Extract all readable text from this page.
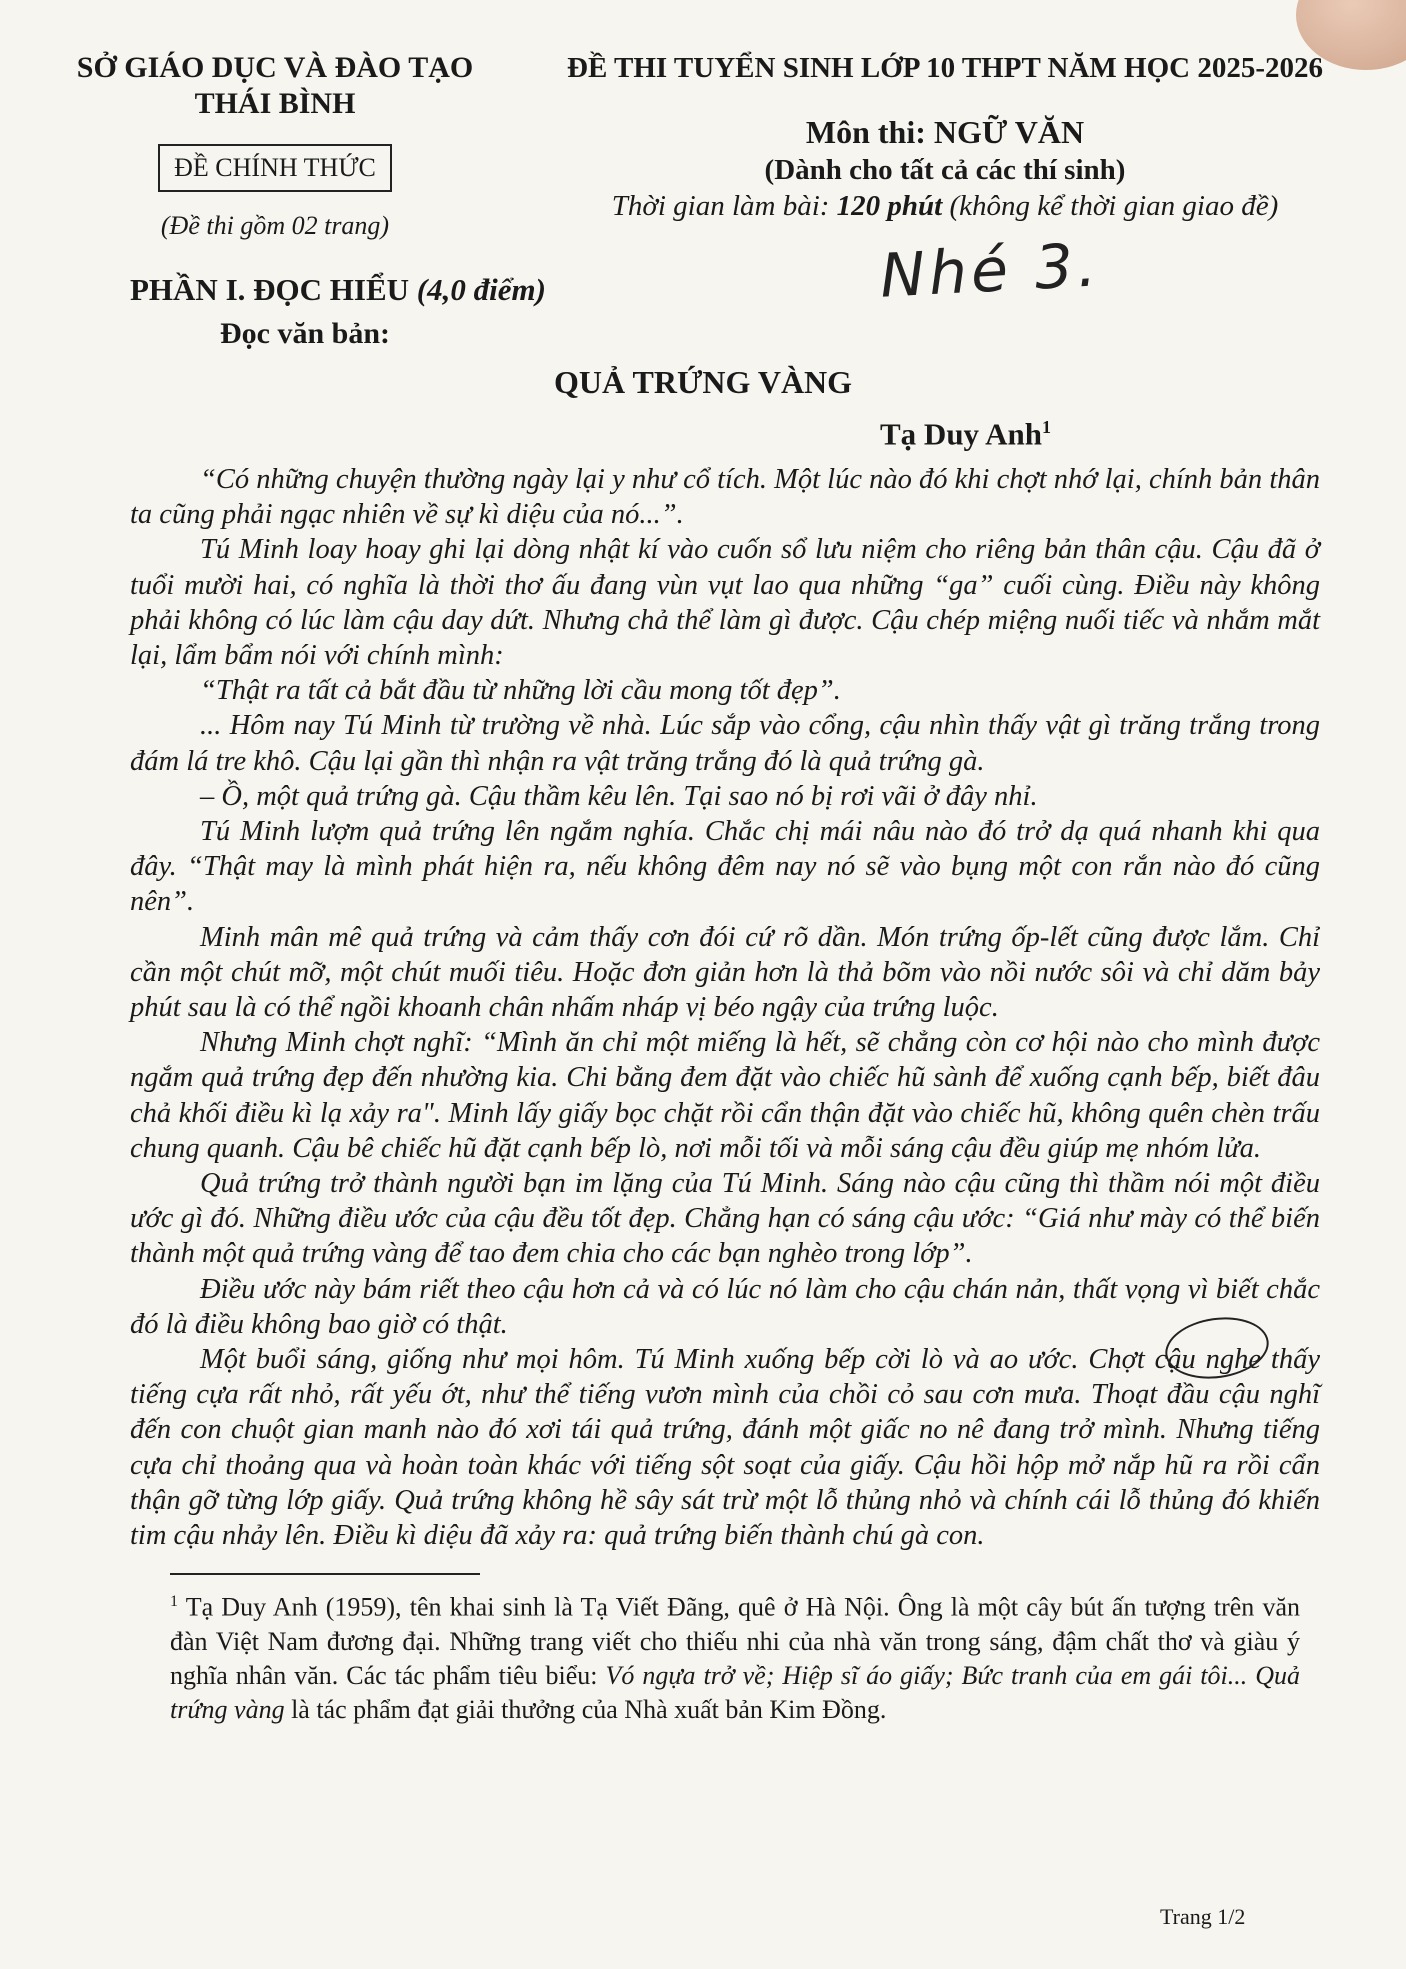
SỞ GIÁO DỤC VÀ ĐÀO TẠO
THÁI BÌNH
ĐỀ CHÍNH THỨC
(Đề thi gồm 02 trang)
ĐỀ THI TUYỂN SINH LỚP 10 THPT NĂM HỌC 2025-2026
Môn thi: NGỮ VĂN
(Dành cho tất cả các thí sinh)
Thời gian làm bài: 120 phút (không kể thời gian giao đề)
Nhé 3.
PHẦN I. ĐỌC HIỂU (4,0 điểm)
Đọc văn bản:
QUẢ TRỨNG VÀNG
Tạ Duy Anh$^1$

“Có những chuyện thường ngày lại y như cổ tích. Một lúc nào đó khi chợt nhớ lại, chính bản thân ta cũng phải ngạc nhiên về sự kì diệu của nó...”.

Tú Minh loay hoay ghi lại dòng nhật kí vào cuốn sổ lưu niệm cho riêng bản thân cậu. Cậu đã ở tuổi mười hai, có nghĩa là thời thơ ấu đang vùn vụt lao qua những “ga” cuối cùng. Điều này không phải không có lúc làm cậu day dứt. Nhưng chả thể làm gì được. Cậu chép miệng nuối tiếc và nhắm mắt lại, lẩm bẩm nói với chính mình:

“Thật ra tất cả bắt đầu từ những lời cầu mong tốt đẹp”.

... Hôm nay Tú Minh từ trường về nhà. Lúc sắp vào cổng, cậu nhìn thấy vật gì trăng trắng trong đám lá tre khô. Cậu lại gần thì nhận ra vật trăng trắng đó là quả trứng gà.

– Ồ, một quả trứng gà. Cậu thầm kêu lên. Tại sao nó bị rơi vãi ở đây nhỉ.

Tú Minh lượm quả trứng lên ngắm nghía. Chắc chị mái nâu nào đó trở dạ quá nhanh khi qua đây. “Thật may là mình phát hiện ra, nếu không đêm nay nó sẽ vào bụng một con rắn nào đó cũng nên”.

Minh mân mê quả trứng và cảm thấy cơn đói cứ rõ dần. Món trứng ốp-lết cũng được lắm. Chỉ cần một chút mỡ, một chút muối tiêu. Hoặc đơn giản hơn là thả bõm vào nồi nước sôi và chỉ dăm bảy phút sau là có thể ngồi khoanh chân nhấm nháp vị béo ngậy của trứng luộc.

Nhưng Minh chợt nghĩ: “Mình ăn chỉ một miếng là hết, sẽ chẳng còn cơ hội nào cho mình được ngắm quả trứng đẹp đến nhường kia. Chi bằng đem đặt vào chiếc hũ sành để xuống cạnh bếp, biết đâu chả khối điều kì lạ xảy ra". Minh lấy giấy bọc chặt rồi cẩn thận đặt vào chiếc hũ, không quên chèn trấu chung quanh. Cậu bê chiếc hũ đặt cạnh bếp lò, nơi mỗi tối và mỗi sáng cậu đều giúp mẹ nhóm lửa.

Quả trứng trở thành người bạn im lặng của Tú Minh. Sáng nào cậu cũng thì thầm nói một điều ước gì đó. Những điều ước của cậu đều tốt đẹp. Chẳng hạn có sáng cậu ước: “Giá như mày có thể biến thành một quả trứng vàng để tao đem chia cho các bạn nghèo trong lớp”.

Điều ước này bám riết theo cậu hơn cả và có lúc nó làm cho cậu chán nản, thất vọng vì biết chắc đó là điều không bao giờ có thật.

Một buổi sáng, giống như mọi hôm. Tú Minh xuống bếp cời lò và ao ước. Chợt cậu nghe thấy tiếng cựa rất nhỏ, rất yếu ớt, như thể tiếng vươn mình của chồi cỏ sau cơn mưa. Thoạt đầu cậu nghĩ đến con chuột gian manh nào đó xơi tái quả trứng, đánh một giấc no nê đang trở mình. Nhưng tiếng cựa chỉ thoảng qua và hoàn toàn khác với tiếng sột soạt của giấy. Cậu hồi hộp mở nắp hũ ra rồi cẩn thận gỡ từng lớp giấy. Quả trứng không hề sây sát trừ một lỗ thủng nhỏ và chính cái lỗ thủng đó khiến tim cậu nhảy lên. Điều kì diệu đã xảy ra: quả trứng biến thành chú gà con.

$^1$ Tạ Duy Anh (1959), tên khai sinh là Tạ Viết Đãng, quê ở Hà Nội. Ông là một cây bút ấn tượng trên văn đàn Việt Nam đương đại. Những trang viết cho thiếu nhi của nhà văn trong sáng, đậm chất thơ và giàu ý nghĩa nhân văn. Các tác phẩm tiêu biểu: Vó ngựa trở về; Hiệp sĩ áo giấy; Bức tranh của em gái tôi... Quả trứng vàng là tác phẩm đạt giải thưởng của Nhà xuất bản Kim Đồng.
Trang 1/2
